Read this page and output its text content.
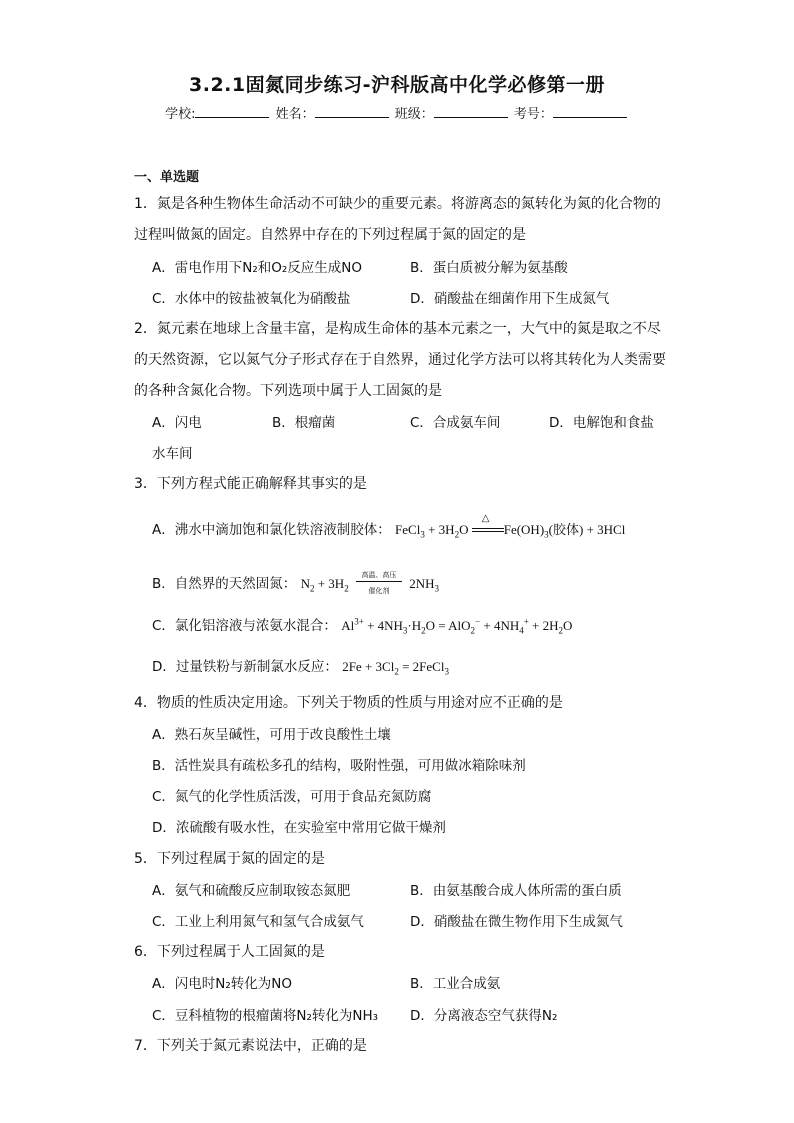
3.2.1固氮同步练习-沪科版高中化学必修第一册
学校:	姓名：	班级：	考号：
一、单选题
1．氮是各种生物体生命活动不可缺少的重要元素。将游离态的氮转化为氮的化合物的
过程叫做氮的固定。自然界中存在的下列过程属于氮的固定的是
A．雷电作用下N₂和O₂反应生成NO	B．蛋白质被分解为氨基酸
C．水体中的铵盐被氧化为硝酸盐	D．硝酸盐在细菌作用下生成氮气
2．氮元素在地球上含量丰富，是构成生命体的基本元素之一，大气中的氮是取之不尽
的天然资源，它以氮气分子形式存在于自然界，通过化学方法可以将其转化为人类需要
的各种含氮化合物。下列选项中属于人工固氮的是
A．闪电	B．根瘤菌	C．合成氨车间	D．电解饱和食盐
水车间
3．下列方程式能正确解释其事实的是
A．沸水中滴加饱和氯化铁溶液制胶体： FeCl$_3$ + $3H_2O$
△
$Fe(OH)_3$(胶体) + 3HCl
B．自然界的天然固氮： $N_2 + 3H_2$
高温、高压
催化剂
$2NH_3$
C．氯化铝溶液与浓氨水混合： $Al^{3+} + 4NH_3\cdot H_2O = AlO_2^- + 4NH_4^+ + 2H_2O$
D．过量铁粉与新制氯水反应： $2Fe + 3Cl_2$ = 2FeCl$_3$
4．物质的性质决定用途。下列关于物质的性质与用途对应不正确的是
A．熟石灰呈碱性，可用于改良酸性土壤
B．活性炭具有疏松多孔的结构，吸附性强，可用做冰箱除味剂
C．氮气的化学性质活泼，可用于食品充氮防腐
D．浓硫酸有吸水性，在实验室中常用它做干燥剂
5．下列过程属于氮的固定的是
A．氨气和硫酸反应制取铵态氮肥	B．由氨基酸合成人体所需的蛋白质
C．工业上利用氮气和氢气合成氨气	D．硝酸盐在微生物作用下生成氮气
6．下列过程属于人工固氮的是
A．闪电时N₂转化为NO	B．工业合成氨
C．豆科植物的根瘤菌将N₂转化为NH₃ D．分离液态空气获得N₂
7．下列关于氮元素说法中，正确的是
